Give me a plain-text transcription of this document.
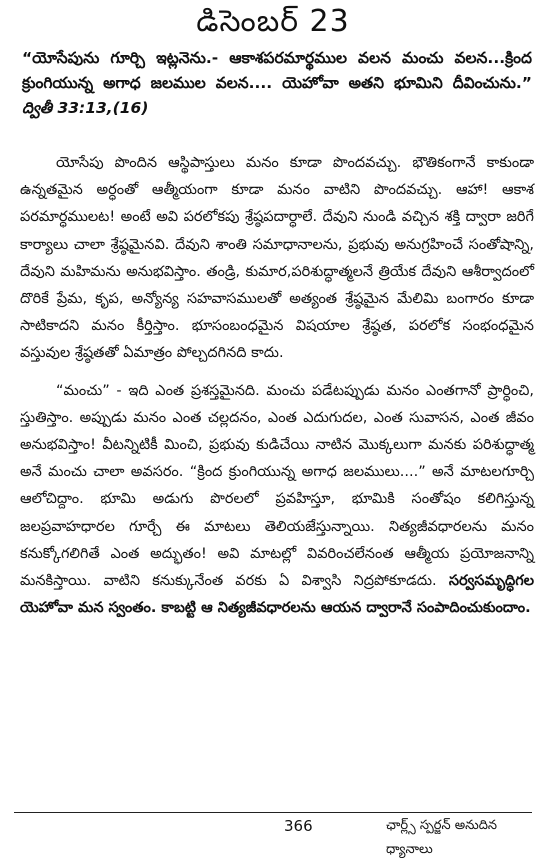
డిసెంబర్ 23
“యోసేపును గూర్చి ఇట్లనెను.- ఆకాశపరమార్థముల వలన మంచు వలన...క్రింద క్రుంగియున్న అగాధ జలముల వలన.... యెహోవా అతని భూమిని దీవించును.” ద్వితీ 33:13,(16)

యోసేపు పొందిన ఆస్థిపాస్తులు మనం కూడా పొందవచ్చు. భౌతికంగానే కాకుండా ఉన్నతమైన అర్ధంతో ఆత్మీయంగా కూడా మనం వాటిని పొందవచ్చు. ఆహా! ఆకాశ పరమార్ధములట! అంటే అవి పరలోకపు శ్రేష్ఠపదార్ధాలే. దేవుని నుండి వచ్చిన శక్తి ద్వారా జరిగే కార్యాలు చాలా శ్రేష్ఠమైనవి. దేవుని శాంతి సమాధానాలను, ప్రభువు అనుగ్రహించే సంతోషాన్ని, దేవుని మహిమను అనుభవిస్తాం. తండ్రి, కుమార,పరిశుద్ధాత్మలనే త్రియేక దేవుని ఆశీర్వాదంలో దొరికే ప్రేమ, కృప, అన్యోన్య సహవాసములతో అత్యంత శ్రేష్ఠమైన మేలిమి బంగారం కూడా సాటికాదని మనం కీర్తిస్తాం. భూసంబంధమైన విషయాల శ్రేష్ఠత, పరలోక సంభంధమైన వస్తువుల శ్రేష్ఠతతో ఏమాత్రం పోల్చదగినది కాదు.

“మంచు” - ఇది ఎంత ప్రశస్తమైనది. మంచు పడేటప్పుడు మనం ఎంతగానో ప్రార్ధించి, స్తుతిస్తాం. అప్పుడు మనం ఎంత చల్లదనం, ఎంత ఎదుగుదల, ఎంత సువాసన, ఎంత జీవం అనుభవిస్తాం! వీటన్నిటికీ మించి, ప్రభువు కుడిచేయి నాటిన మొక్కలుగా మనకు పరిశుద్ధాత్మ అనే మంచు చాలా అవసరం. “క్రింద క్రుంగియున్న అగాధ జలములు....” అనే మాటలగూర్చి ఆలోచిద్దాం. భూమి అడుగు పొరలలో ప్రవహిస్తూ, భూమికి సంతోషం కలిగిస్తున్న జలప్రవాహధారల గూర్చే ఈ మాటలు తెలియజేస్తున్నాయి. నిత్యజీవధారలను మనం కనుక్కోగలిగితే ఎంత అద్భుతం! అవి మాటల్లో వివరించలేనంత ఆత్మీయ ప్రయోజనాన్ని మనకిస్తాయి. వాటిని కనుక్కునేంత వరకు ఏ విశ్వాసి నిద్రపోకూడదు. సర్వసమృద్ధిగల యెహోవా మన స్వంతం. కాబట్టి ఆ నిత్యజీవధారలను ఆయన ద్వారానే సంపాదించుకుందాం.

366	ఛార్ల్స్ స్పర్జన్ అనుదిన ధ్యానాలు
